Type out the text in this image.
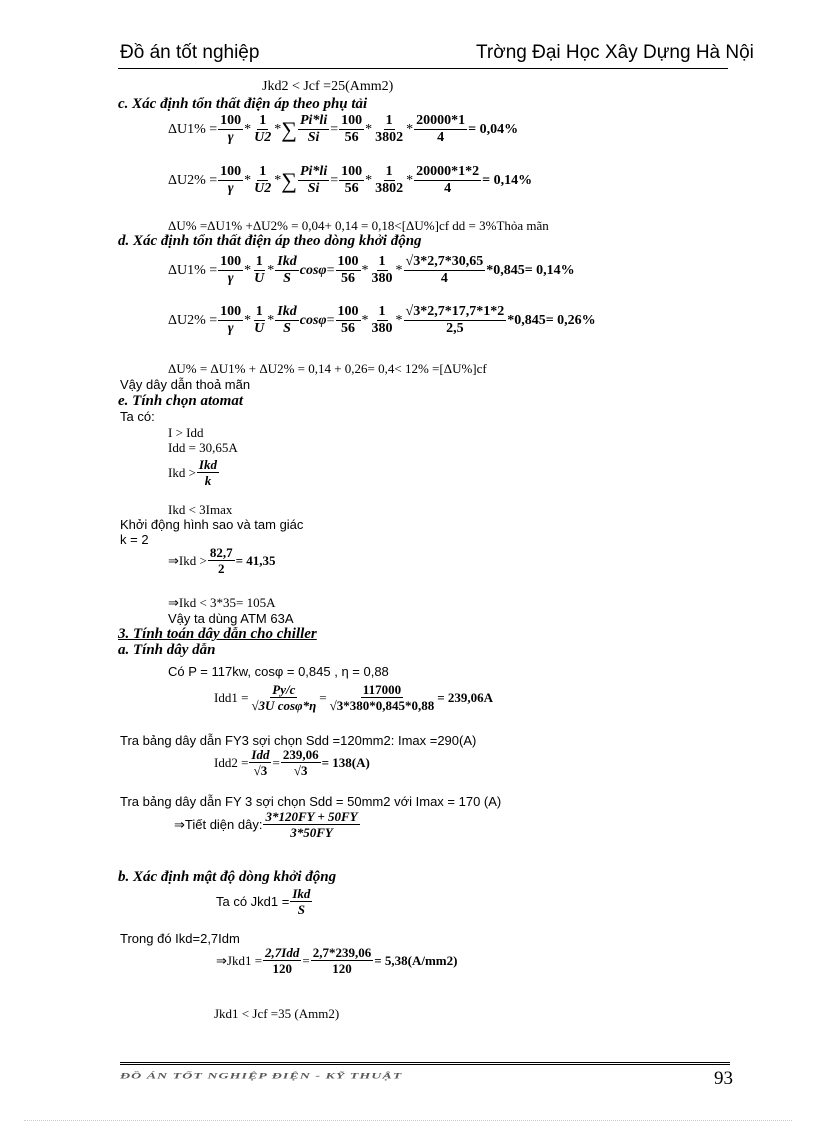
Đồ án tốt nghiệp	Trờng Đại Học Xây Dựng Hà Nội
Jkd2 < Jcf =25(Amm2)
c. Xác định tổn thất điện áp theo phụ tải
$\Delta U1\% = \frac{100}{\gamma} * \frac{1}{U2}$ * ∑ $\frac{Pi*li}{Si} = \frac{100}{56} * \frac{1}{3802} * \frac{20000*1}{4} = 0,04\%$
$\Delta U2\% = \frac{100}{\gamma} * \frac{1}{U2}$ * ∑ $\frac{Pi*li}{Si} = \frac{100}{56} * \frac{1}{3802} * \frac{20000*1*2}{4} = 0,14\%$
ΔU% =ΔU1% +ΔU2% = 0,04+ 0,14 = 0,18<[ΔU%]cf dd = 3%Thỏa mãn
d. Xác định tổn thất điện áp theo dòng khởi động
$\Delta U1\% = \frac{100}{\gamma} * \frac{1}{U} * \frac{\text{Ikd}}{S}$ $\cos\varphi = \frac{100}{56} * \frac{1}{380} * \frac{√3*2,7*30,65}{4} *0,845 = 0,14\%$
$\Delta U2\% = \frac{100}{\gamma} * \frac{1}{U} * \frac{\text{Ikd}}{S}$ $\cos\varphi = \frac{100}{56} * \frac{1}{380} * \frac{√3*2,7*17,7*1*2}{2,5} *0,845 = 0,26\%$
ΔU% = ΔU1% + ΔU2% = 0,14 + 0,26= 0,4< 12% =[ΔU%]cf
Vậy dây dẫn thoả mãn
e. Tính chọn atomat
Ta có:
I > Idd
Idd = 30,65A
Ikd > $\frac{\text{Ikd}}{k}$
Ikd < 3Imax
Khởi động hình sao và tam giác
k = 2
⇒Ikd > $\frac{82,7}{2} = 41,35$
⇒Ikd < 3*35= 105A
Vậy ta dùng ATM 63A
3. Tính toán dây dẫn cho chiller
a. Tính dây dẫn
Có P = 117kw, cosφ = 0,845 , η = 0,88
$Idd1 = \frac{Py/c}{\text{√3U cosφ*η}} = \frac{117000}{√3*380*0,845*0,88} = 239,06A$
Tra bảng dây dẫn FY3 sợi chọn Sdd =120mm2: Imax =290(A)
$Idd2 = \frac{\text{Idd}}{√3} = \frac{239,06}{√3} = 138(A)$
Tra bảng dây dẫn FY 3 sợi chọn Sdd = 50mm2 với Imax = 170 (A)
⇒Tiết diện dây: $\frac{3*120FY + 50FY}{3*50FY}$
b. Xác định mật độ dòng khởi động
Ta có $Jkd1 = \frac{\text{Ikd}}{S}$
Trong đó Ikd=2,7Idm
⇒Jkd1 = $\frac{\text{2,7Idd}}{120} = \frac{2,7*239,06}{120} = 5,38(A/mm2)$
Jkd1 < Jcf =35 (Amm2)
ĐỒ ÁN TỐT NGHIỆP ĐIỆN - KỸ THUẬT	93
